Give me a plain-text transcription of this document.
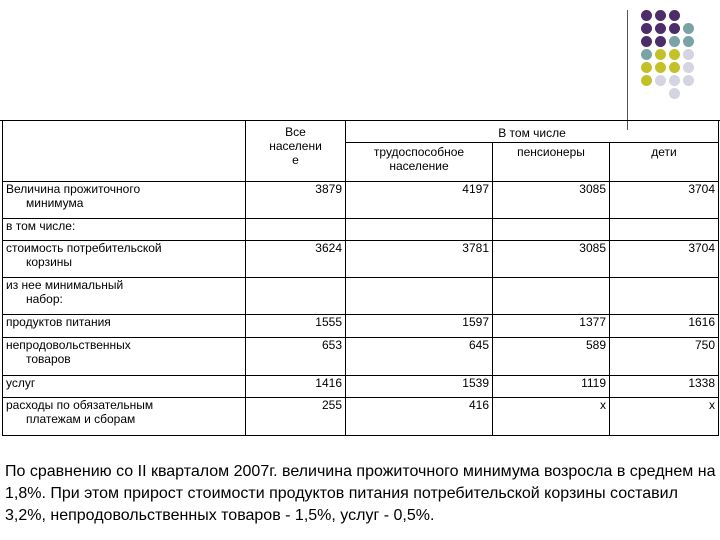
	Все
населени
е	В том числе		

		трудоспособное
население	пенсионеры	дети

Величина прожиточного
минимума	3879	4197	3085	3704

в том числе:				

стоимость потребительской
корзины	3624	3781	3085	3704

из нее минимальный
набор:				

продуктов питания	1555	1597	1377	1616

непродовольственных
товаров	653	645	589	750

услуг	1416	1539	1119	1338

расходы по обязательным
платежам и сборам	255	416	х	х

По сравнению со II кварталом 2007г. величина прожиточного минимума возросла в среднем на 1,8%. При этом прирост стоимости продуктов питания потребительской корзины составил 3,2%, непродовольственных товаров - 1,5%, услуг - 0,5%.
